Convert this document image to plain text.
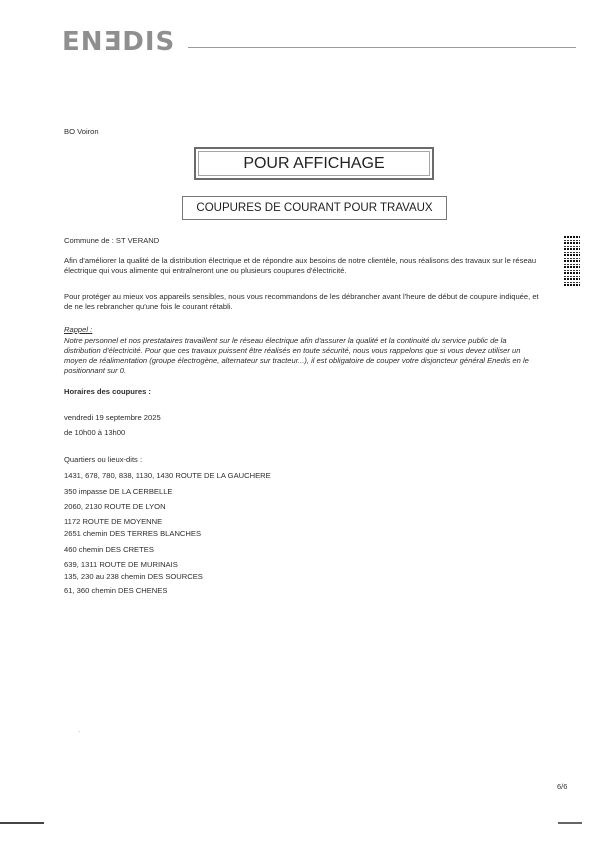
ENƎDIS
BO Voiron
POUR AFFICHAGE
COUPURES DE COURANT POUR TRAVAUX
Commune de : ST VERAND
Afin d'améliorer la qualité de la distribution électrique et de répondre aux besoins de notre clientèle, nous réalisons des travaux sur le réseau électrique qui vous alimente qui entraîneront une ou plusieurs coupures d'électricité.
Pour protéger au mieux vos appareils sensibles, nous vous recommandons de les débrancher avant l'heure de début de coupure indiquée, et de ne les rebrancher qu'une fois le courant rétabli.
Rappel :
Notre personnel et nos prestataires travaillent sur le réseau électrique afin d'assurer la qualité et la continuité du service public de la distribution d'électricité. Pour que ces travaux puissent être réalisés en toute sécurité, nous vous rappelons que si vous devez utiliser un moyen de réalimentation (groupe électrogène, alternateur sur tracteur...), il est obligatoire de couper votre disjoncteur général Enedis en le positionnant sur 0.
Horaires des coupures :
vendredi 19 septembre 2025
de 10h00 à 13h00
Quartiers ou lieux-dits :
1431, 678, 780, 838, 1130, 1430 ROUTE DE LA GAUCHERE
350 impasse DE LA CERBELLE
2060, 2130 ROUTE DE LYON
1172 ROUTE DE MOYENNE
2651 chemin DES TERRES BLANCHES
460 chemin DES CRETES
639, 1311 ROUTE DE MURINAIS
135, 230 au 238 chemin DES SOURCES
61, 360 chemin DES CHENES
·
6/6
